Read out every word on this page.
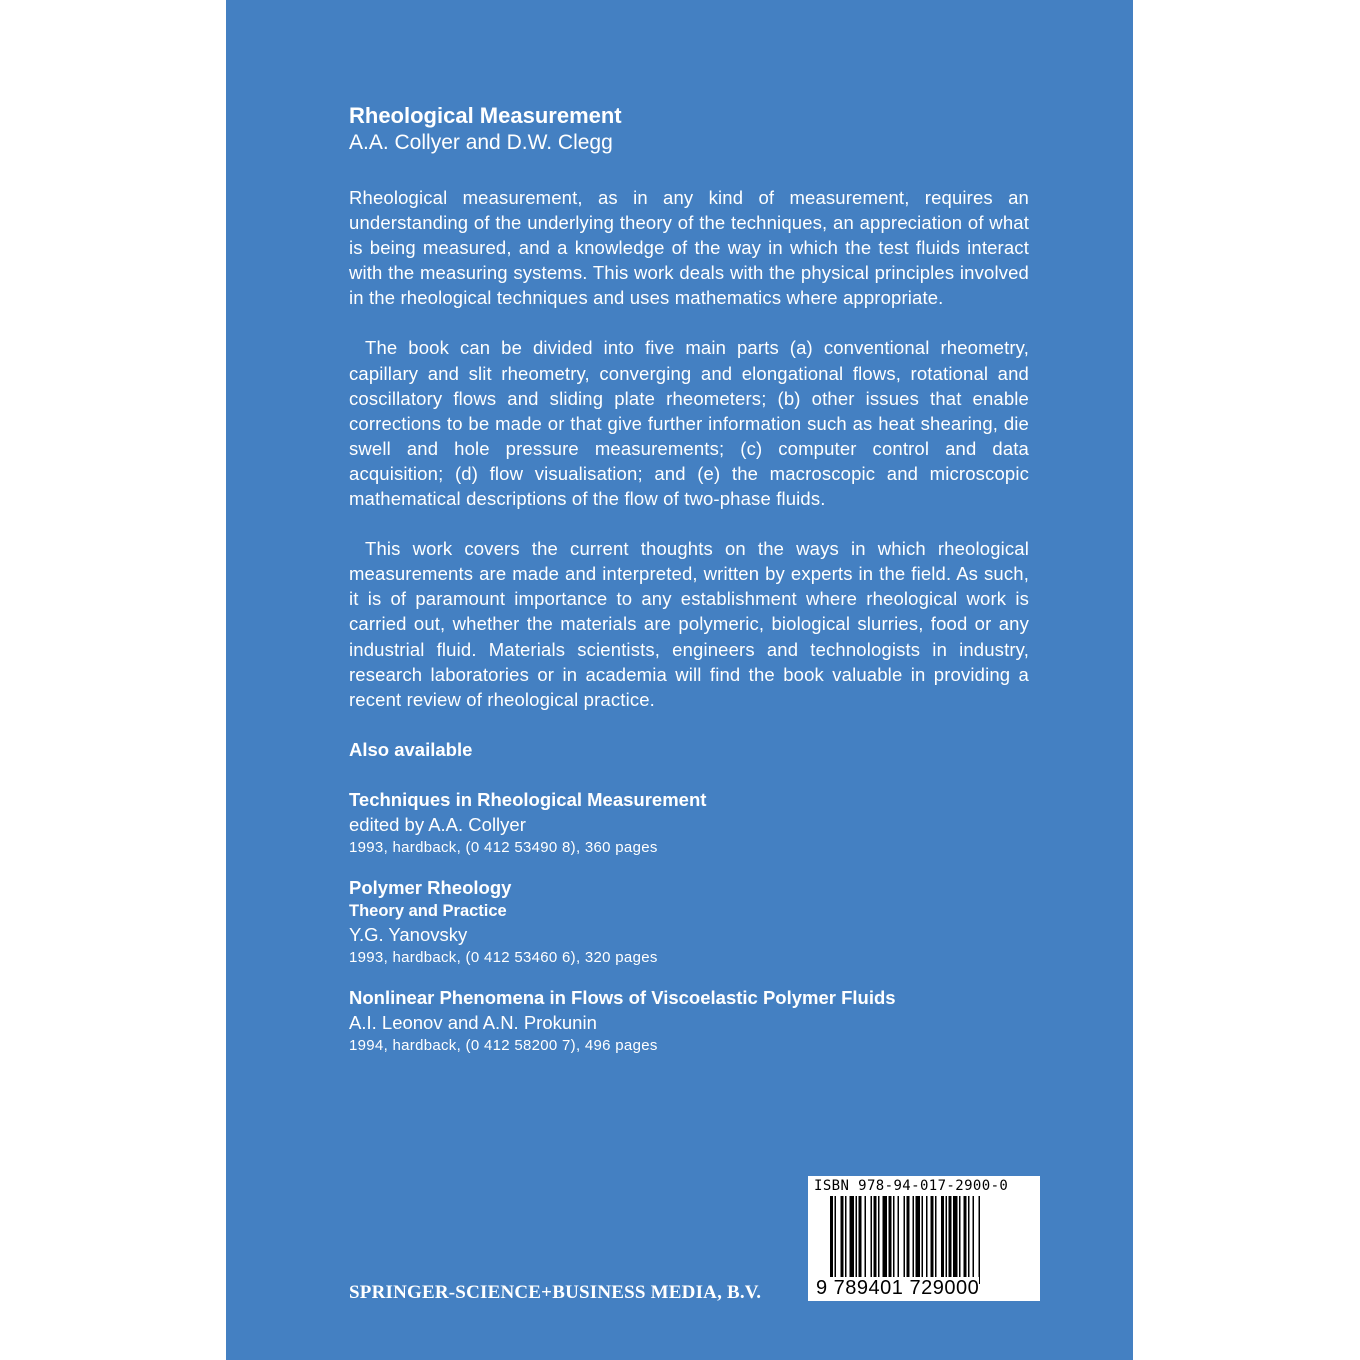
Rheological Measurement
A.A. Collyer and D.W. Clegg

Rheological measurement, as in any kind of measurement, requires an understanding of the underlying theory of the techniques, an appreciation of what is being measured, and a knowledge of the way in which the test fluids interact with the measuring systems. This work deals with the physical principles involved in the rheological techniques and uses mathematics where appropriate.

The book can be divided into five main parts (a) conventional rheometry, capillary and slit rheometry, converging and elongational flows, rotational and coscillatory flows and sliding plate rheometers; (b) other issues that enable corrections to be made or that give further information such as heat shearing, die swell and hole pressure measurements; (c) computer control and data acquisition; (d) flow visualisation; and (e) the macroscopic and microscopic mathematical descriptions of the flow of two-phase fluids.

This work covers the current thoughts on the ways in which rheological measurements are made and interpreted, written by experts in the field. As such, it is of paramount importance to any establishment where rheological work is carried out, whether the materials are polymeric, biological slurries, food or any industrial fluid. Materials scientists, engineers and technologists in industry, research laboratories or in academia will find the book valuable in providing a recent review of rheological practice.

Also available
Techniques in Rheological Measurement
edited by A.A. Collyer
1993, hardback, (0 412 53490 8), 360 pages
Polymer Rheology
Theory and Practice
Y.G. Yanovsky
1993, hardback, (0 412 53460 6), 320 pages
Nonlinear Phenomena in Flows of Viscoelastic Polymer Fluids
A.I. Leonov and A.N. Prokunin
1994, hardback, (0 412 58200 7), 496 pages
SPRINGER-SCIENCE+BUSINESS MEDIA, B.V.
ISBN 978-94-017-2900-0
9 789401 729000
